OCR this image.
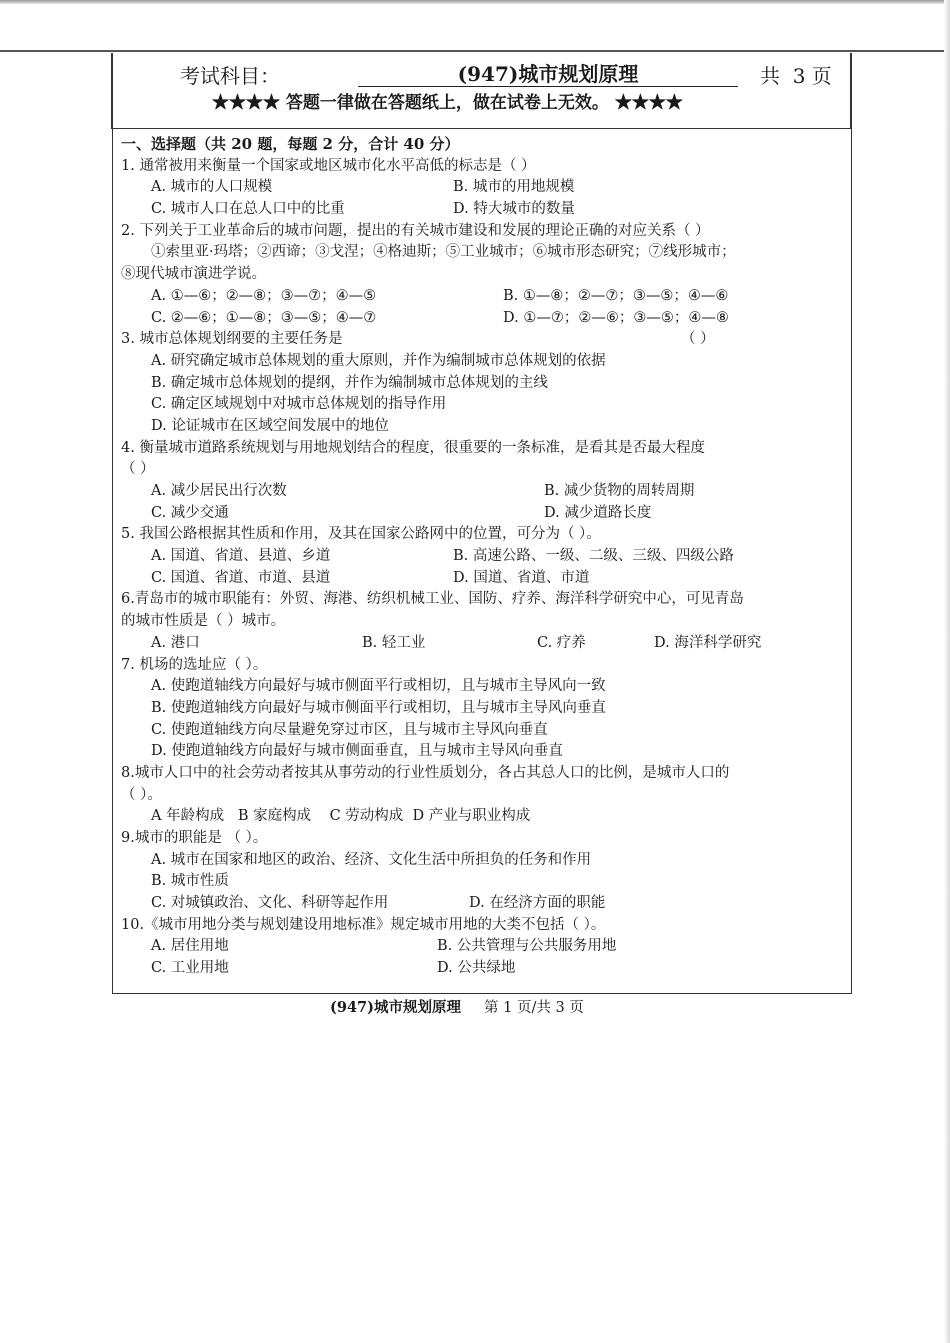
考试科目：	(947)城市规划原理	共  3 页
★★★★ 答题一律做在答题纸上，做在试卷上无效。 ★★★★
一、选择题（共 20 题，每题 2 分，合计 40 分）
1. 通常被用来衡量一个国家或地区城市化水平高低的标志是（ ）
A. 城市的人口规模	B. 城市的用地规模
C. 城市人口在总人口中的比重	D. 特大城市的数量
2. 下列关于工业革命后的城市问题，提出的有关城市建设和发展的理论正确的对应关系（ ）
①索里亚·玛塔；②西谛；③戈涅；④格迪斯；⑤工业城市；⑥城市形态研究；⑦线形城市；
⑧现代城市演进学说。
A. ①—⑥；②—⑧；③—⑦；④—⑤	B. ①—⑧；②—⑦；③—⑤；④—⑥
C. ②—⑥；①—⑧；③—⑤；④—⑦	D. ①—⑦；②—⑥；③—⑤；④—⑧
3. 城市总体规划纲要的主要任务是	（ ）
A. 研究确定城市总体规划的重大原则，并作为编制城市总体规划的依据
B. 确定城市总体规划的提纲，并作为编制城市总体规划的主线
C. 确定区域规划中对城市总体规划的指导作用
D. 论证城市在区域空间发展中的地位
4. 衡量城市道路系统规划与用地规划结合的程度，很重要的一条标准，是看其是否最大程度
（ ）
A. 减少居民出行次数	B. 减少货物的周转周期
C. 减少交通	D. 减少道路长度
5. 我国公路根据其性质和作用，及其在国家公路网中的位置，可分为（ ）。
A. 国道、省道、县道、乡道	B. 高速公路、一级、二级、三级、四级公路
C. 国道、省道、市道、县道	D. 国道、省道、市道
6.青岛市的城市职能有：外贸、海港、纺织机械工业、国防、疗养、海洋科学研究中心，可见青岛
的城市性质是（ ）城市。
A. 港口	B. 轻工业	C. 疗养	D. 海洋科学研究
7. 机场的选址应（ ）。
A. 使跑道轴线方向最好与城市侧面平行或相切，且与城市主导风向一致
B. 使跑道轴线方向最好与城市侧面平行或相切，且与城市主导风向垂直
C. 使跑道轴线方向尽量避免穿过市区，且与城市主导风向垂直
D. 使跑道轴线方向最好与城市侧面垂直，且与城市主导风向垂直
8.城市人口中的社会劳动者按其从事劳动的行业性质划分，各占其总人口的比例，是城市人口的
（ ）。
A 年龄构成   B 家庭构成    C 劳动构成  D 产业与职业构成
9.城市的职能是 （ ）。
A. 城市在国家和地区的政治、经济、文化生活中所担负的任务和作用
B. 城市性质
C. 对城镇政治、文化、科研等起作用	D. 在经济方面的职能
10.《城市用地分类与规划建设用地标准》规定城市用地的大类不包括（ ）。
A. 居住用地	B. 公共管理与公共服务用地
C. 工业用地	D. 公共绿地
(947)城市规划原理 第 1 页/共 3 页
